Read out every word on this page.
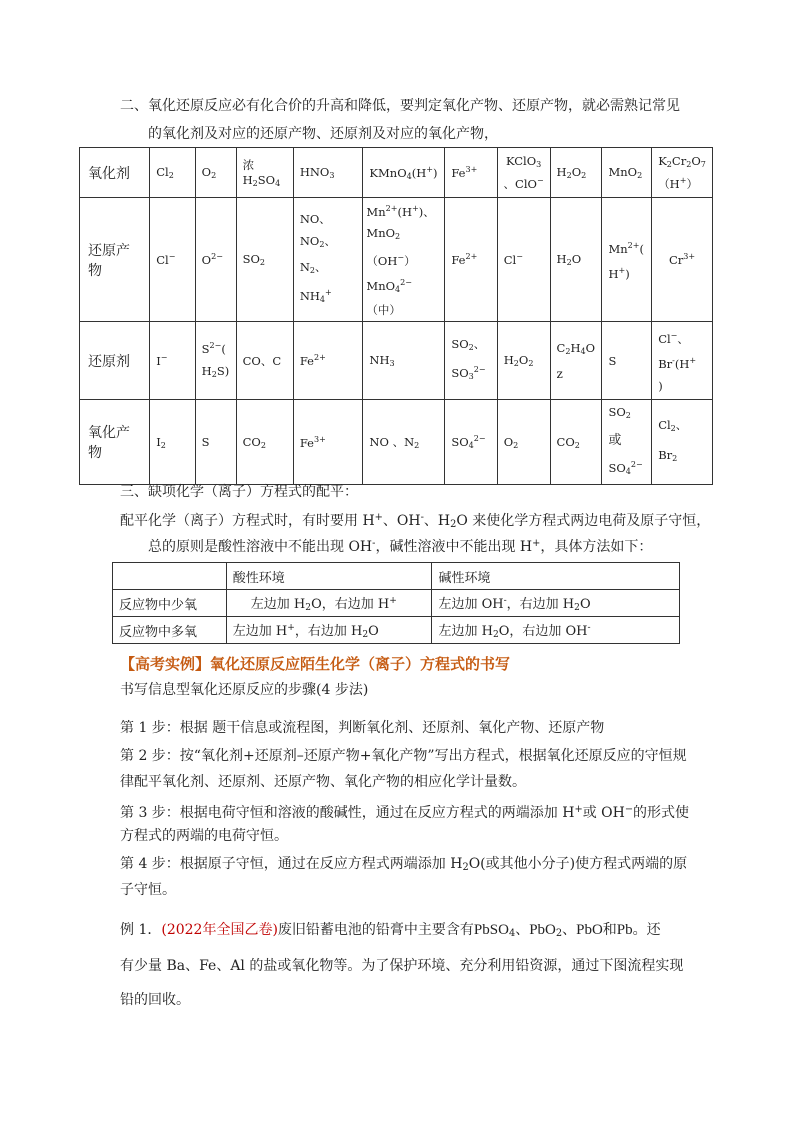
二、氧化还原反应必有化合价的升高和降低，要判定氧化产物、还原产物，就必需熟记常见
的氧化剂及对应的还原产物、还原剂及对应的氧化产物，
氧化剂	$Cl_2$	$O_2$	浓$H_2SO_4$	$HNO_3$	KMnO$_4$(H+)	$Fe^{3+}$	KClO$_3$
、ClO−	$H_2O_2$	MnO$_2$	$K_2Cr_2O_7$
（H+）
还原产物	Cl−	$O^{2-}$	$SO_2$	NO、$NO_2$、
$N_2$、$NH_4^+$	$Mn^{2+}(H^+)$、
MnO$_2$
（OH−）
MnO$_4^{2-}$（中）	$Fe^{2+}$	Cl−	$H_2O$	$Mn^{2+}$(
H+)	$Cr^{3+}$
还原剂	I−	$S^{2-}$(
$H_2S$)	CO、C	$Fe^{2+}$	$NH_3$	$SO_2$、
$SO_3^{2-}$	$H_2O_2$	$C_2H_4O$
z	S	Cl−、
Br-(H+
)
氧化产物	$I_2$	S	$CO_2$	$Fe^{3+}$	NO 、$N_2$	$SO_4^{2-}$	$O_2$	$CO_2$	$SO_2$
或
$SO_4^{2-}$	$Cl_2$、
$Br_2$
三、缺项化学（离子）方程式的配平：
配平化学（离子）方程式时，有时要用 H+、OH-、$H_2O$ 来使化学方程式两边电荷及原子守恒，
总的原则是酸性溶液中不能出现 OH-，碱性溶液中不能出现 H+，具体方法如下：
	酸性环境	碱性环境
反应物中少氧	左边加 $H_2O$，右边加 H+	左边加 OH-，右边加 $H_2O$
反应物中多氧	左边加 H+，右边加 $H_2O$	左边加 $H_2O$，右边加 OH-
【高考实例】氧化还原反应陌生化学（离子）方程式的书写
书写信息型氧化还原反应的步骤(4 步法)
第 1 步：根据 题干信息或流程图，判断氧化剂、还原剂、氧化产物、还原产物
第 2 步：按“氧化剂+还原剂–还原产物+氧化产物”写出方程式，根据氧化还原反应的守恒规
律配平氧化剂、还原剂、还原产物、氧化产物的相应化学计量数。
第 3 步：根据电荷守恒和溶液的酸碱性，通过在反应方程式的两端添加 H+或 OH−的形式使
方程式的两端的电荷守恒。
第 4 步：根据原子守恒，通过在反应方程式两端添加 $H_2O$(或其他小分子)使方程式两端的原
子守恒。
例 1．(2022年全国乙卷)废旧铅蓄电池的铅膏中主要含有PbSO$_4$、PbO$_2$、PbO和Pb。还
有少量 Ba、Fe、Al 的盐或氧化物等。为了保护环境、充分利用铅资源，通过下图流程实现
铅的回收。
